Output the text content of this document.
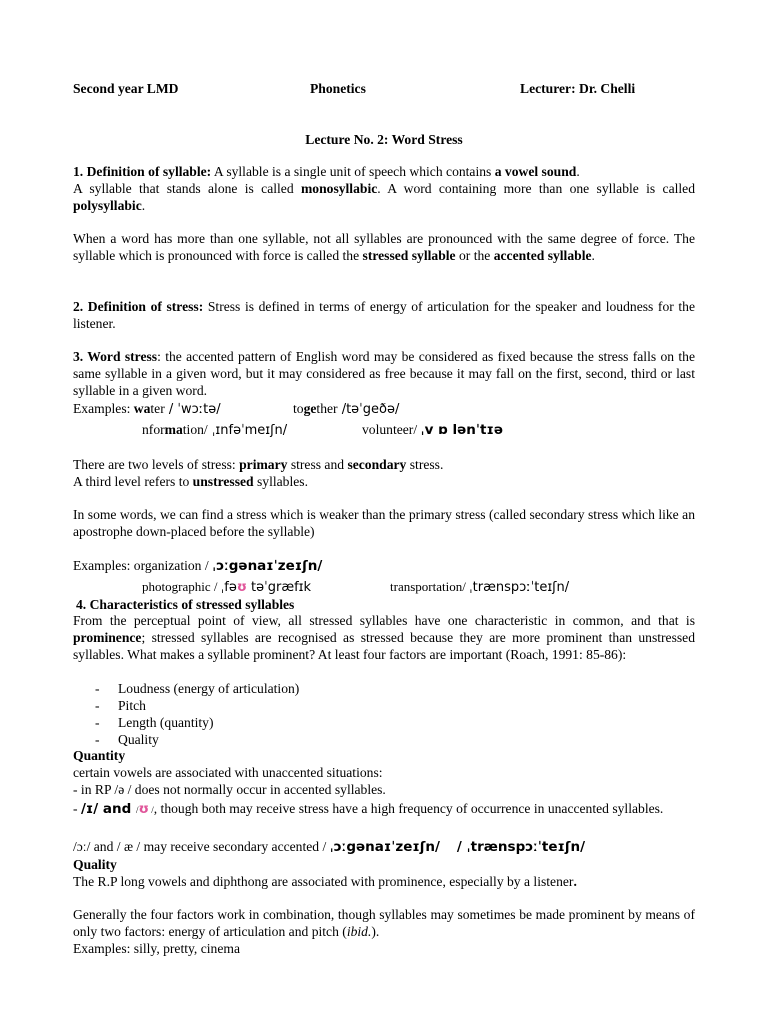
Second year LMD	Phonetics	Lecturer: Dr. Chelli
Lecture No. 2: Word Stress
1. Definition of syllable: A syllable is a single unit of speech which contains a vowel sound.
A syllable that stands alone is called monosyllabic. A word containing more than one syllable is called polysyllabic.
When a word has more than one syllable, not all syllables are pronounced with the same degree of force. The syllable which is pronounced with force is called the stressed syllable or the accented syllable.
2. Definition of stress: Stress is defined in terms of energy of articulation for the speaker and loudness for the listener.
3. Word stress: the accented pattern of English word may be considered as fixed because the stress falls on the same syllable in a given word, but it may considered as free because it may fall on the first, second, third or last syllable in a given word.
Examples: water / ˈwɔːtə/	together /təˈgeðə/
nformation/ ˌɪnfəˈmeɪʃn/	volunteer/ ˌv ɒ lənˈtɪə
There are two levels of stress: primary stress and secondary stress.
A third level refers to unstressed syllables.
In some words, we can find a stress which is weaker than the primary stress (called secondary stress which like an apostrophe down-placed before the syllable)
Examples: organization / ˌɔːgənaɪˈzeɪʃn/
photographic / ˌfəʊ təˈgræfɪk	transportation/ ˌtrænspɔːˈteɪʃn/
4. Characteristics of stressed syllables
From the perceptual point of view, all stressed syllables have one characteristic in common, and that is prominence; stressed syllables are recognised as stressed because they are more prominent than unstressed syllables. What makes a syllable prominent? At least four factors are important (Roach, 1991: 85-86):
- Loudness (energy of articulation)
- Pitch
- Length (quantity)
- Quality
Quantity
certain vowels are associated with unaccented situations:
- in RP /ə / does not normally occur in accented syllables.
- /ɪ/ and /ʊ /, though both may receive stress have a high frequency of occurrence in unaccented syllables.
/ɔː/ and / æ / may receive secondary accented / ˌɔːgənaɪˈzeɪʃn/ / ˌtrænspɔːˈteɪʃn/
Quality
The R.P long vowels and diphthong are associated with prominence, especially by a listener.
Generally the four factors work in combination, though syllables may sometimes be made prominent by means of only two factors: energy of articulation and pitch (ibid.).
Examples: silly, pretty, cinema
